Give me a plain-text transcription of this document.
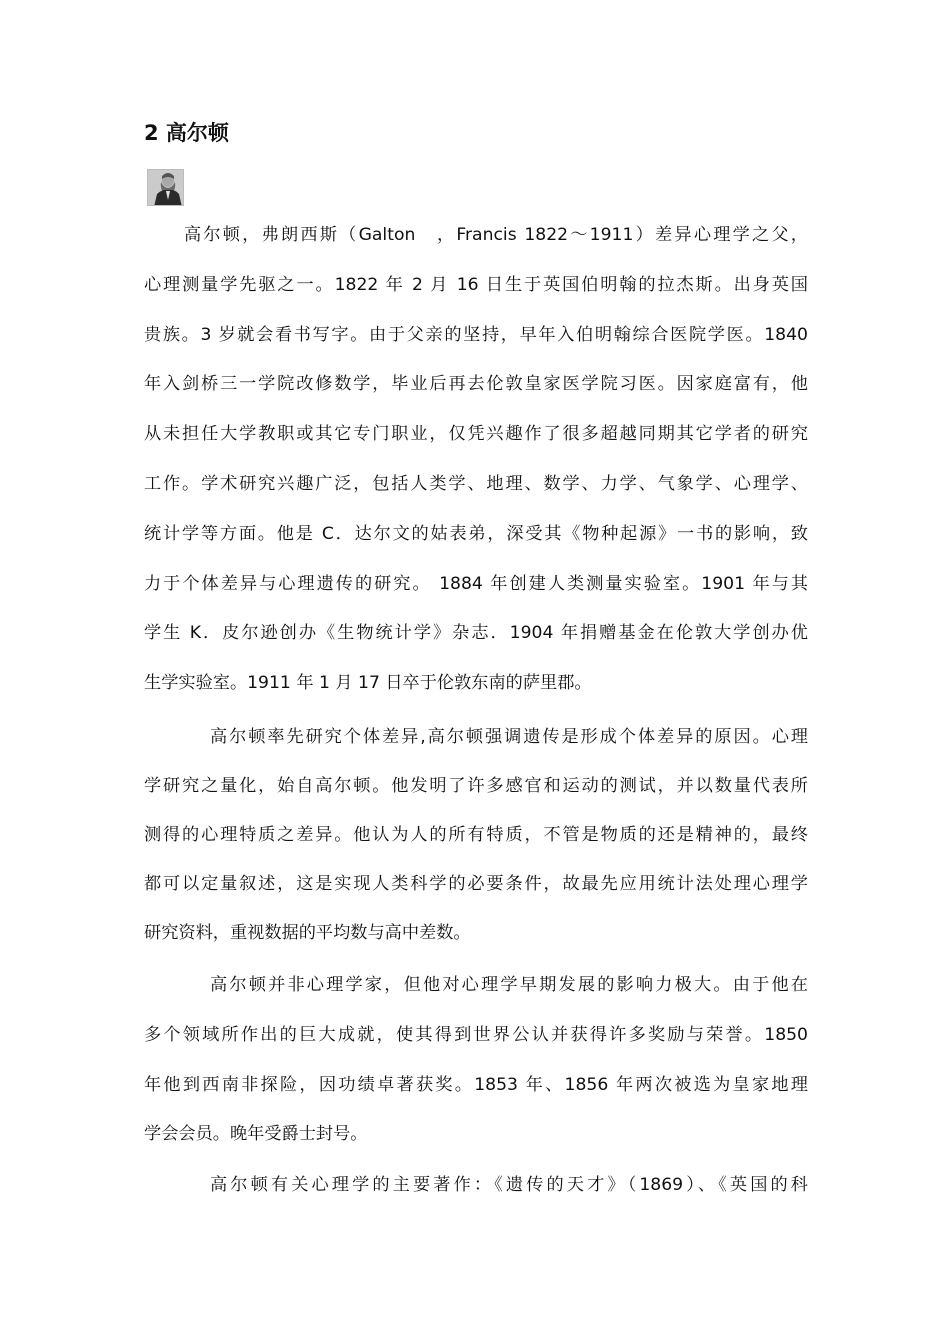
2 高尔顿
高尔顿，弗朗西斯（Galton　，Francis 1822～1911）差异心理学之父，
心理测量学先驱之一。1822 年 2 月 16 日生于英国伯明翰的拉杰斯。出身英国
贵族。3 岁就会看书写字。由于父亲的坚持，早年入伯明翰综合医院学医。1840
年入剑桥三一学院改修数学，毕业后再去伦敦皇家医学院习医。因家庭富有，他
从未担任大学教职或其它专门职业，仅凭兴趣作了很多超越同期其它学者的研究
工作。学术研究兴趣广泛，包括人类学、地理、数学、力学、气象学、心理学、
统计学等方面。他是 C．达尔文的姑表弟，深受其《物种起源》一书的影响，致
力于个体差异与心理遗传的研究。 1884 年创建人类测量实验室。1901 年与其
学生 K．皮尔逊创办《生物统计学》杂志．1904 年捐赠基金在伦敦大学创办优
生学实验室。1911 年 1 月 17 日卒于伦敦东南的萨里郡。
高尔顿率先研究个体差异,高尔顿强调遗传是形成个体差异的原因。心理
学研究之量化，始自高尔顿。他发明了许多感官和运动的测试，并以数量代表所
测得的心理特质之差异。他认为人的所有特质，不管是物质的还是精神的，最终
都可以定量叙述，这是实现人类科学的必要条件，故最先应用统计法处理心理学
研究资料，重视数据的平均数与高中差数。
高尔顿并非心理学家，但他对心理学早期发展的影响力极大。由于他在
多个领域所作出的巨大成就，使其得到世界公认并获得许多奖励与荣誉。1850
年他到西南非探险，因功绩卓著获奖。1853 年、1856 年两次被选为皇家地理
学会会员。晚年受爵士封号。
高尔顿有关心理学的主要著作：《遗传的天才》（1869）、《英国的科
